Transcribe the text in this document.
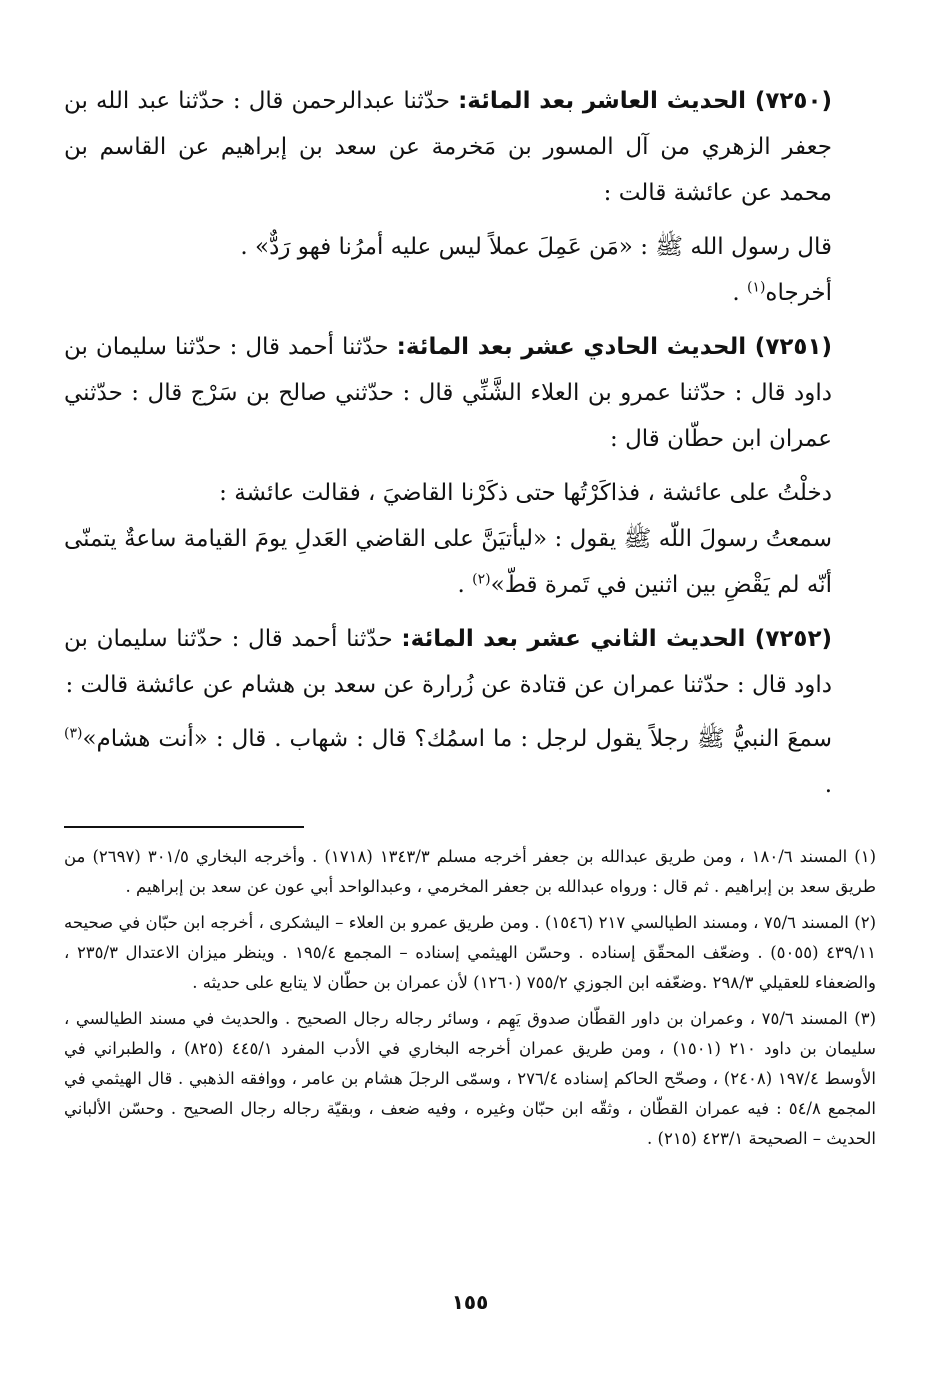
(٧٢٥٠) الحديث العاشر بعد المائة: حدّثنا عبدالرحمن قال : حدّثنا عبد الله بن جعفر الزهري من آل المسور بن مَخرمة عن سعد بن إبراهيم عن القاسم بن محمد عن عائشة قالت :

قال رسول الله ﷺ : «مَن عَمِلَ عملاً ليس عليه أمرُنا فهو رَدٌّ» .

أخرجاه$^{(١)}$ .

(٧٢٥١) الحديث الحادي عشر بعد المائة: حدّثنا أحمد قال : حدّثنا سليمان بن داود قال : حدّثنا عمرو بن العلاء الشَّنِّي قال : حدّثني صالح بن سَرْج قال : حدّثني عمران ابن حطّان قال :

دخلْتُ على عائشة ، فذاكَرْتُها حتى ذكَرْنا القاضيَ ، فقالت عائشة :

سمعتُ رسولَ اللّه ﷺ يقول : «ليأتيَنَّ على القاضي العَدلِ يومَ القيامة ساعةٌ يتمنّى أنّه لم يَقْضِ بين اثنين في تَمرة قطّ»$^{(٢)}$ .

(٧٢٥٢) الحديث الثاني عشر بعد المائة: حدّثنا أحمد قال : حدّثنا سليمان بن داود قال : حدّثنا عمران عن قتادة عن زُرارة عن سعد بن هشام عن عائشة قالت :

سمعَ النبيُّ ﷺ رجلاً يقول لرجل : ما اسمُك؟ قال : شهاب . قال : «أنت هشام»$^{(٣)}$ .

(١) المسند ١٨٠/٦ ، ومن طريق عبدالله بن جعفر أخرجه مسلم ١٣٤٣/٣ (١٧١٨) . وأخرجه البخاري ٣٠١/٥ (٢٦٩٧) من طريق سعد بن إبراهيم . ثم قال : ورواه عبدالله بن جعفر المخرمي ، وعبدالواحد أبي عون عن سعد بن إبراهيم .

(٢) المسند ٧٥/٦ ، ومسند الطيالسي ٢١٧ (١٥٤٦) . ومن طريق عمرو بن العلاء – اليشكرى ، أخرجه ابن حبّان في صحيحه ٤٣٩/١١ (٥٠٥٥) . وضعّف المحقّق إسناده . وحسّن الهيثمي إسناده – المجمع ١٩٥/٤ . وينظر ميزان الاعتدال ٢٣٥/٣ ، والضعفاء للعقيلي ٢٩٨/٣ .وضعّفه ابن الجوزي ٧٥٥/٢ (١٢٦٠) لأن عمران بن حطّان لا يتابع على حديثه .

(٣) المسند ٧٥/٦ ، وعمران بن داور القطّان صدوق يَهِم ، وسائر رجاله رجال الصحيح . والحديث في مسند الطيالسي ، سليمان بن داود ٢١٠ (١٥٠١) ، ومن طريق عمران أخرجه البخاري في الأدب المفرد ٤٤٥/١ (٨٢٥) ، والطبراني في الأوسط ١٩٧/٤ (٢٤٠٨) ، وصحّح الحاكم إسناده ٢٧٦/٤ ، وسمّى الرجلَ هشام بن عامر ، ووافقه الذهبي . قال الهيثمي في المجمع ٥٤/٨ : فيه عمران القطّان ، وثقّه ابن حبّان وغيره ، وفيه ضعف ، وبقيّة رجاله رجال الصحيح . وحسّن الألباني الحديث – الصحيحة ٤٢٣/١ (٢١٥) .

١٥٥
